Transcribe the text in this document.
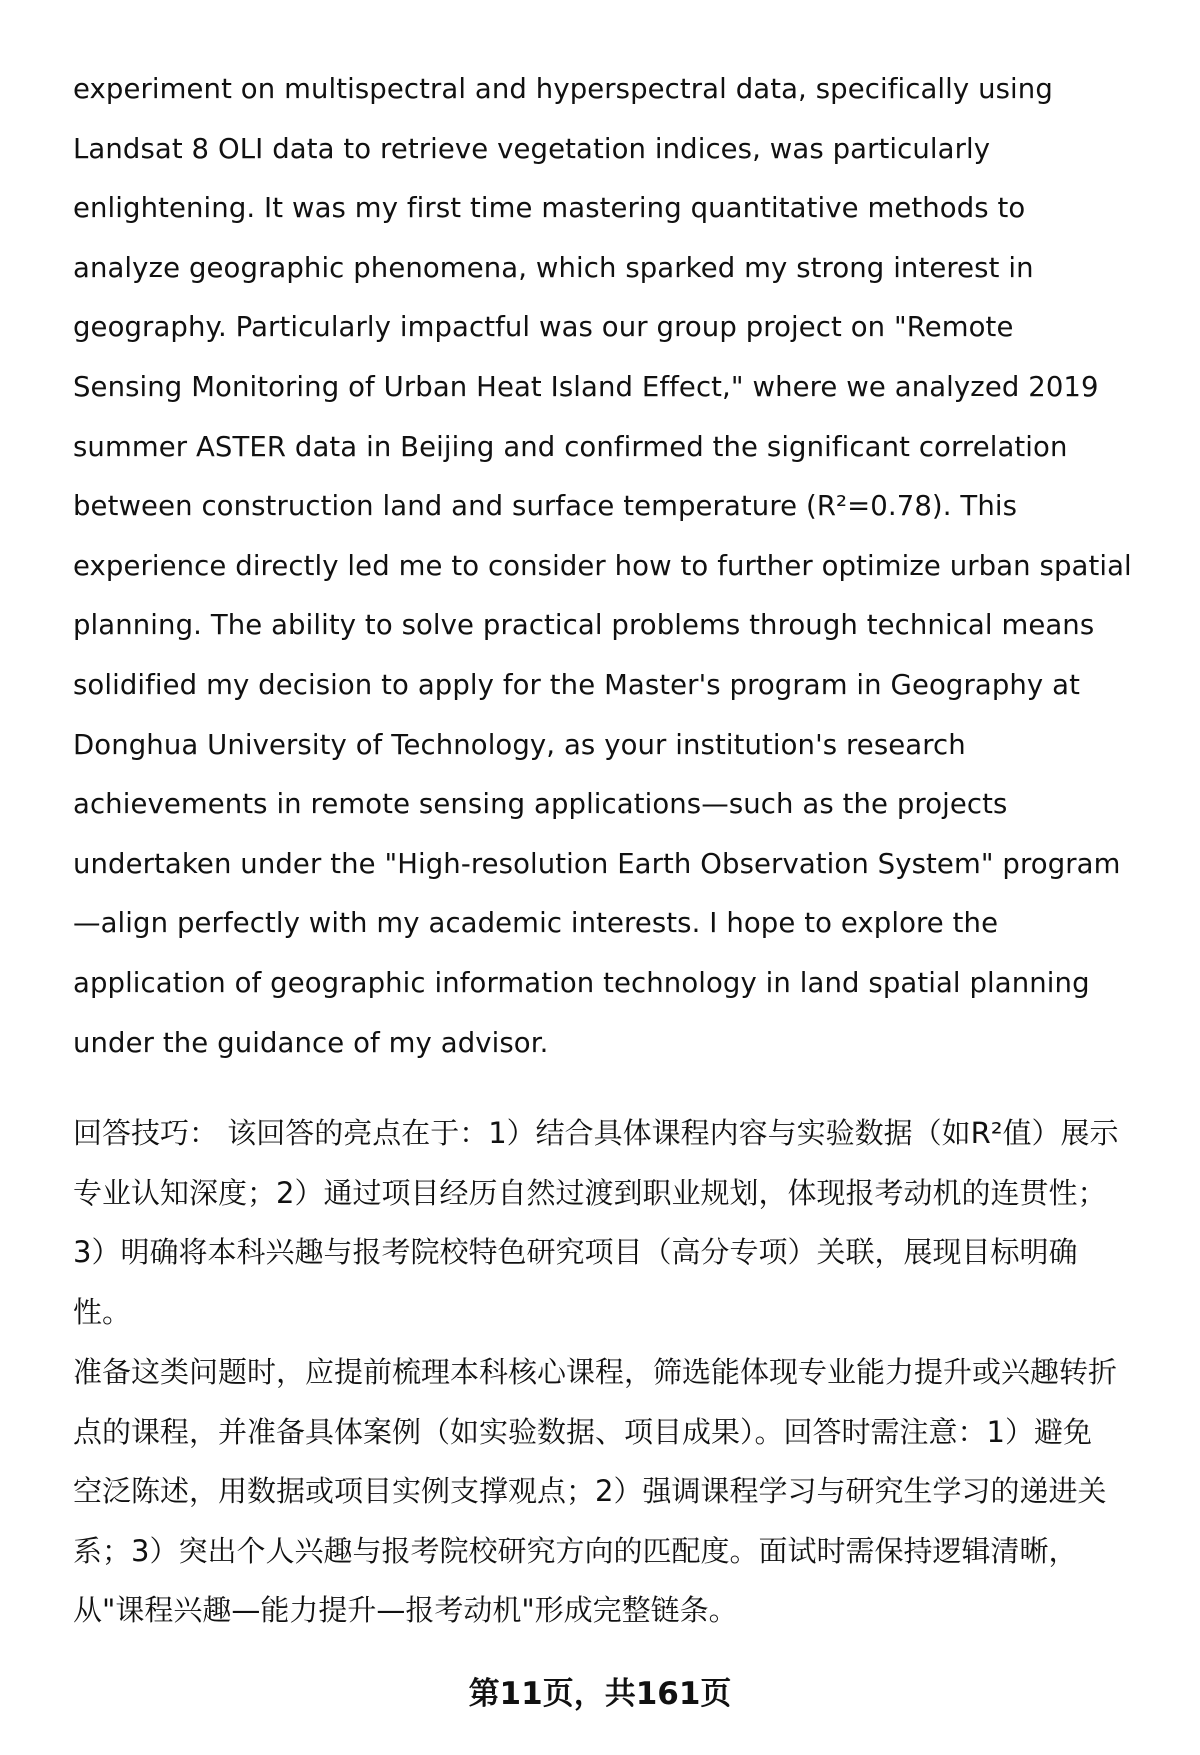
experiment on multispectral and hyperspectral data, specifically using
Landsat 8 OLI data to retrieve vegetation indices, was particularly
enlightening. It was my first time mastering quantitative methods to
analyze geographic phenomena, which sparked my strong interest in
geography. Particularly impactful was our group project on "Remote
Sensing Monitoring of Urban Heat Island Effect," where we analyzed 2019
summer ASTER data in Beijing and confirmed the significant correlation
between construction land and surface temperature (R²=0.78). This
experience directly led me to consider how to further optimize urban spatial
planning. The ability to solve practical problems through technical means
solidified my decision to apply for the Master's program in Geography at
Donghua University of Technology, as your institution's research
achievements in remote sensing applications—such as the projects
undertaken under the "High-resolution Earth Observation System" program
—align perfectly with my academic interests. I hope to explore the
application of geographic information technology in land spatial planning
under the guidance of my advisor.
回答技巧： 该回答的亮点在于：1）结合具体课程内容与实验数据（如R²值）展示
专业认知深度；2）通过项目经历自然过渡到职业规划，体现报考动机的连贯性；
3）明确将本科兴趣与报考院校特色研究项目（高分专项）关联，展现目标明确
性。
准备这类问题时，应提前梳理本科核心课程，筛选能体现专业能力提升或兴趣转折
点的课程，并准备具体案例（如实验数据、项目成果）。回答时需注意：1）避免
空泛陈述，用数据或项目实例支撑观点；2）强调课程学习与研究生学习的递进关
系；3）突出个人兴趣与报考院校研究方向的匹配度。面试时需保持逻辑清晰，
从"课程兴趣—能力提升—报考动机"形成完整链条。
第11页，共161页
